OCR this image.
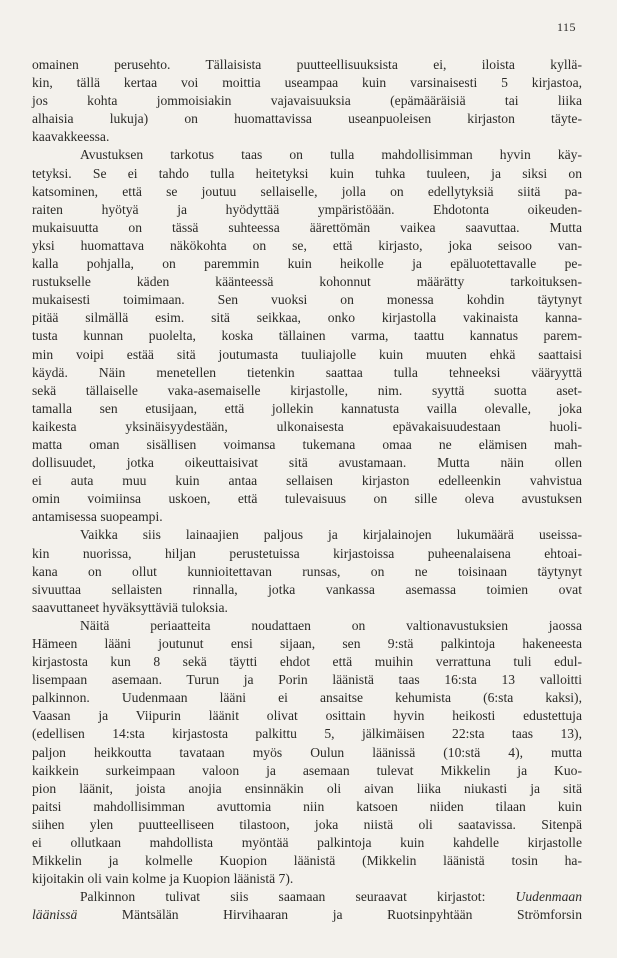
115
omainen perusehto. Tällaisista puutteellisuuksista ei, iloista kyllä-
kin, tällä kertaa voi moittia useampaa kuin varsinaisesti 5 kirjastoa,
jos kohta jommoisiakin vajavaisuuksia (epämääräisiä tai liika
alhaisia lukuja) on huomattavissa useanpuoleisen kirjaston täyte-
kaavakkeessa.
Avustuksen tarkotus taas on tulla mahdollisimman hyvin käy-
tetyksi. Se ei tahdo tulla heitetyksi kuin tuhka tuuleen, ja siksi on
katsominen, että se joutuu sellaiselle, jolla on edellytyksiä siitä pa-
raiten hyötyä ja hyödyttää ympäristöään. Ehdotonta oikeuden-
mukaisuutta on tässä suhteessa äärettömän vaikea saavuttaa. Mutta
yksi huomattava näkökohta on se, että kirjasto, joka seisoo van-
kalla pohjalla, on paremmin kuin heikolle ja epäluotettavalle pe-
rustukselle käden käänteessä kohonnut määrätty tarkoituksen-
mukaisesti toimimaan. Sen vuoksi on monessa kohdin täytynyt
pitää silmällä esim. sitä seikkaa, onko kirjastolla vakinaista kanna-
tusta kunnan puolelta, koska tällainen varma, taattu kannatus parem-
min voipi estää sitä joutumasta tuuliajolle kuin muuten ehkä saattaisi
käydä. Näin menetellen tietenkin saattaa tulla tehneeksi vääryyttä
sekä tällaiselle vaka-asemaiselle kirjastolle, nim. syyttä suotta aset-
tamalla sen etusijaan, että jollekin kannatusta vailla olevalle, joka
kaikesta yksinäisyydestään, ulkonaisesta epävakaisuudestaan huoli-
matta oman sisällisen voimansa tukemana omaa ne elämisen mah-
dollisuudet, jotka oikeuttaisivat sitä avustamaan. Mutta näin ollen
ei auta muu kuin antaa sellaisen kirjaston edelleenkin vahvistua
omin voimiinsa uskoen, että tulevaisuus on sille oleva avustuksen
antamisessa suopeampi.
Vaikka siis lainaajien paljous ja kirjalainojen lukumäärä useissa-
kin nuorissa, hiljan perustetuissa kirjastoissa puheenalaisena ehtoai-
kana on ollut kunnioitettavan runsas, on ne toisinaan täytynyt
sivuuttaa sellaisten rinnalla, jotka vankassa asemassa toimien ovat
saavuttaneet hyväksyttäviä tuloksia.
Näitä periaatteita noudattaen on valtionavustuksien jaossa
Hämeen lääni joutunut ensi sijaan, sen 9:stä palkintoja hakeneesta
kirjastosta kun 8 sekä täytti ehdot että muihin verrattuna tuli edul-
lisempaan asemaan. Turun ja Porin läänistä taas 16:sta 13 valloitti
palkinnon. Uudenmaan lääni ei ansaitse kehumista (6:sta kaksi),
Vaasan ja Viipurin läänit olivat osittain hyvin heikosti edustettuja
(edellisen 14:sta kirjastosta palkittu 5, jälkimäisen 22:sta taas 13),
paljon heikkoutta tavataan myös Oulun läänissä (10:stä 4), mutta
kaikkein surkeimpaan valoon ja asemaan tulevat Mikkelin ja Kuo-
pion läänit, joista anojia ensinnäkin oli aivan liika niukasti ja sitä
paitsi mahdollisimman avuttomia niin katsoen niiden tilaan kuin
siihen ylen puutteelliseen tilastoon, joka niistä oli saatavissa. Sitenpä
ei ollutkaan mahdollista myöntää palkintoja kuin kahdelle kirjastolle
Mikkelin ja kolmelle Kuopion läänistä (Mikkelin läänistä tosin ha-
kijoitakin oli vain kolme ja Kuopion läänistä 7).
Palkinnon tulivat siis saamaan seuraavat kirjastot: Uudenmaan
läänissä Mäntsälän Hirvihaaran ja Ruotsinpyhtään Strömforsin
